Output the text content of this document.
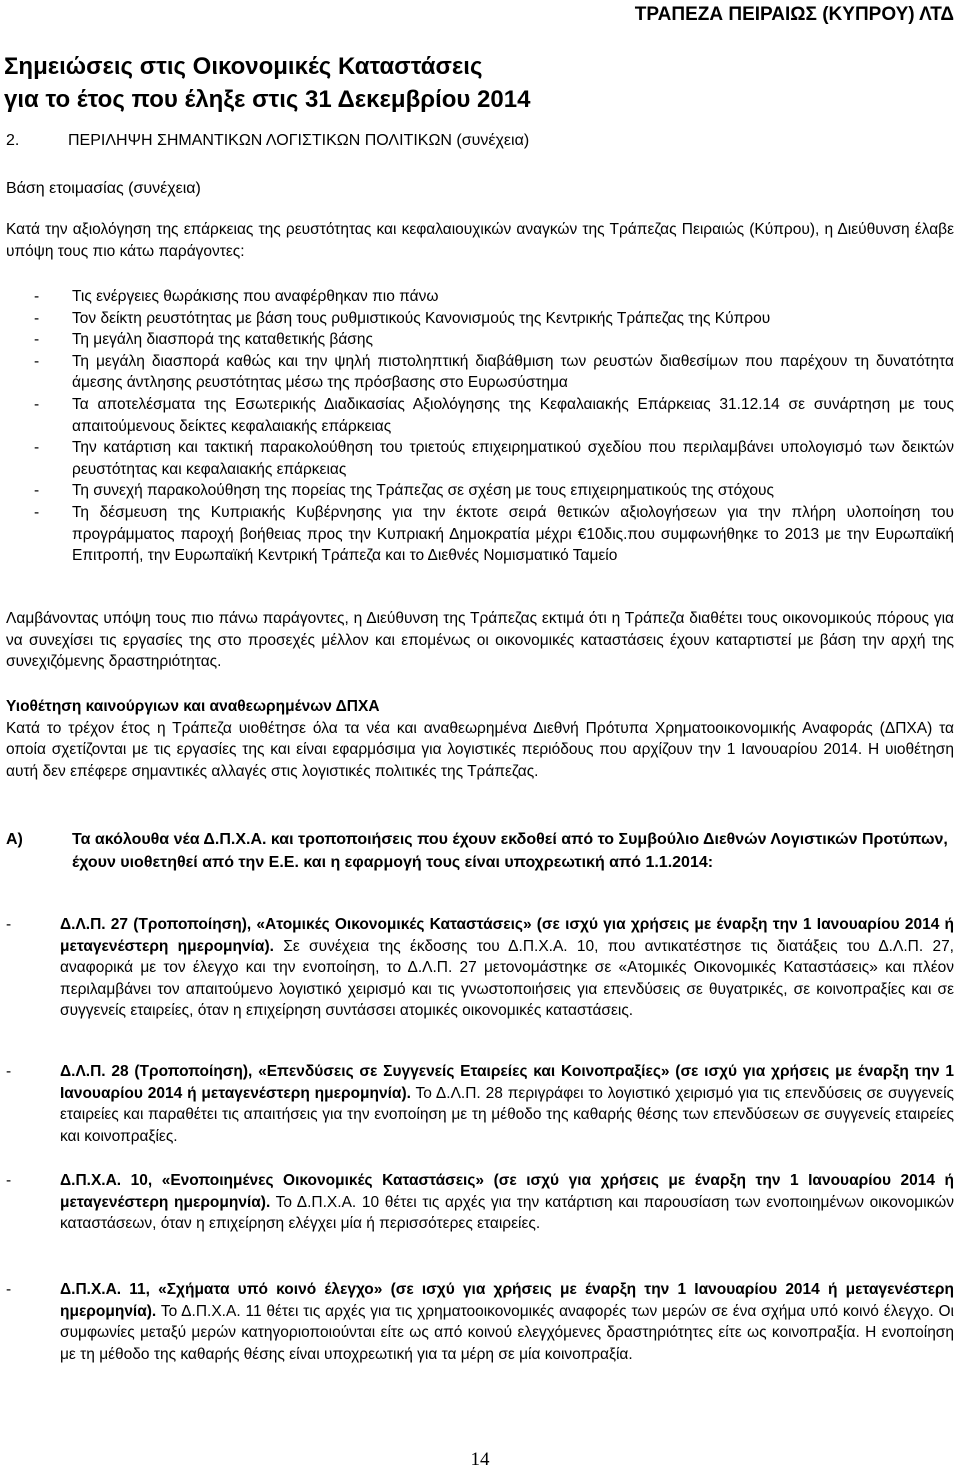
ΤΡΑΠΕΖΑ ΠΕΙΡΑΙΩΣ (ΚΥΠΡΟΥ) ΛΤΔ
Σημειώσεις στις Οικονομικές Καταστάσεις
για το έτος που έληξε στις 31 Δεκεμβρίου 2014
2.	ΠΕΡΙΛΗΨΗ ΣΗΜΑΝΤΙΚΩΝ ΛΟΓΙΣΤΙΚΩΝ ΠΟΛΙΤΙΚΩΝ (συνέχεια)
Βάση ετοιμασίας (συνέχεια)

Κατά την αξιολόγηση της επάρκειας της ρευστότητας και κεφαλαιουχικών αναγκών της Τράπεζας Πειραιώς (Κύπρου), η Διεύθυνση έλαβε υπόψη τους πιο κάτω παράγοντες:

- Τις ενέργειες θωράκισης που αναφέρθηκαν πιο πάνω
- Τον δείκτη ρευστότητας με βάση τους ρυθμιστικούς Κανονισμούς της Κεντρικής Τράπεζας της Κύπρου
- Τη μεγάλη διασπορά της καταθετικής βάσης
- Τη μεγάλη διασπορά καθώς και την ψηλή πιστοληπτική διαβάθμιση των ρευστών διαθεσίμων που παρέχουν τη δυνατότητα άμεσης άντλησης ρευστότητας μέσω της πρόσβασης στο Ευρωσύστημα
- Τα αποτελέσματα της Εσωτερικής Διαδικασίας Αξιολόγησης της Κεφαλαιακής Επάρκειας 31.12.14 σε συνάρτηση με τους απαιτούμενους δείκτες κεφαλαιακής επάρκειας
- Την κατάρτιση και τακτική παρακολούθηση του τριετούς επιχειρηματικού σχεδίου που περιλαμβάνει υπολογισμό των δεικτών ρευστότητας και κεφαλαιακής επάρκειας
- Τη συνεχή παρακολούθηση της πορείας της Τράπεζας σε σχέση με τους επιχειρηματικούς της στόχους
- Τη δέσμευση της Κυπριακής Κυβέρνησης για την έκτοτε σειρά θετικών αξιολογήσεων για την πλήρη υλοποίηση του προγράμματος παροχή βοήθειας προς την Κυπριακή Δημοκρατία μέχρι €10δις.που συμφωνήθηκε το 2013 με την Ευρωπαϊκή Επιτροπή, την Ευρωπαϊκή Κεντρική Τράπεζα και το Διεθνές Νομισματικό Ταμείο

Λαμβάνοντας υπόψη τους πιο πάνω παράγοντες, η Διεύθυνση της Τράπεζας εκτιμά ότι η Τράπεζα διαθέτει τους οικονομικούς πόρους για να συνεχίσει τις εργασίες της στο προσεχές μέλλον και επομένως οι οικονομικές καταστάσεις έχουν καταρτιστεί με βάση την αρχή της συνεχιζόμενης δραστηριότητας.

Υιοθέτηση καινούργιων και αναθεωρημένων ΔΠΧΑ

Κατά το τρέχον έτος η Τράπεζα υιοθέτησε όλα τα νέα και αναθεωρημένα Διεθνή Πρότυπα Χρηματοοικονομικής Αναφοράς (ΔΠΧΑ) τα οποία σχετίζονται με τις εργασίες της και είναι εφαρμόσιμα για λογιστικές περιόδους που αρχίζουν την 1 Ιανουαρίου 2014. Η υιοθέτηση αυτή δεν επέφερε σημαντικές αλλαγές στις λογιστικές πολιτικές της Τράπεζας.

Α)	Τα ακόλουθα νέα Δ.Π.Χ.Α. και τροποποιήσεις που έχουν εκδοθεί από το Συμβούλιο Διεθνών Λογιστικών Προτύπων, έχουν υιοθετηθεί από την Ε.Ε. και η εφαρμογή τους είναι υποχρεωτική από 1.1.2014:
-	Δ.Λ.Π. 27 (Τροποποίηση), «Ατομικές Οικονομικές Καταστάσεις» (σε ισχύ για χρήσεις με έναρξη την 1 Ιανουαρίου 2014 ή μεταγενέστερη ημερομηνία). Σε συνέχεια της έκδοσης του Δ.Π.Χ.Α. 10, που αντικατέστησε τις διατάξεις του Δ.Λ.Π. 27, αναφορικά με τον έλεγχο και την ενοποίηση, το Δ.Λ.Π. 27 μετονομάστηκε σε «Ατομικές Οικονομικές Καταστάσεις» και πλέον περιλαμβάνει τον απαιτούμενο λογιστικό χειρισμό και τις γνωστοποιήσεις για επενδύσεις σε θυγατρικές, σε κοινοπραξίες και σε συγγενείς εταιρείες, όταν η επιχείρηση συντάσσει ατομικές οικονομικές καταστάσεις.
-	Δ.Λ.Π. 28 (Τροποποίηση), «Επενδύσεις σε Συγγενείς Εταιρείες και Κοινοπραξίες» (σε ισχύ για χρήσεις με έναρξη την 1 Ιανουαρίου 2014 ή μεταγενέστερη ημερομηνία). Το Δ.Λ.Π. 28 περιγράφει το λογιστικό χειρισμό για τις επενδύσεις σε συγγενείς εταιρείες και παραθέτει τις απαιτήσεις για την ενοποίηση με τη μέθοδο της καθαρής θέσης των επενδύσεων σε συγγενείς εταιρείες και κοινοπραξίες.
-	Δ.Π.Χ.Α. 10, «Ενοποιημένες Οικονομικές Καταστάσεις» (σε ισχύ για χρήσεις με έναρξη την 1 Ιανουαρίου 2014 ή μεταγενέστερη ημερομηνία). Το Δ.Π.Χ.Α. 10 θέτει τις αρχές για την κατάρτιση και παρουσίαση των ενοποιημένων οικονομικών καταστάσεων, όταν η επιχείρηση ελέγχει μία ή περισσότερες εταιρείες.
-	Δ.Π.Χ.Α. 11, «Σχήματα υπό κοινό έλεγχο» (σε ισχύ για χρήσεις με έναρξη την 1 Ιανουαρίου 2014 ή μεταγενέστερη ημερομηνία). Το Δ.Π.Χ.Α. 11 θέτει τις αρχές για τις χρηματοοικονομικές αναφορές των μερών σε ένα σχήμα υπό κοινό έλεγχο. Οι συμφωνίες μεταξύ μερών κατηγοριοποιούνται είτε ως από κοινού ελεγχόμενες δραστηριότητες είτε ως κοινοπραξία. Η ενοποίηση με τη μέθοδο της καθαρής θέσης είναι υποχρεωτική για τα μέρη σε μία κοινοπραξία.
14
